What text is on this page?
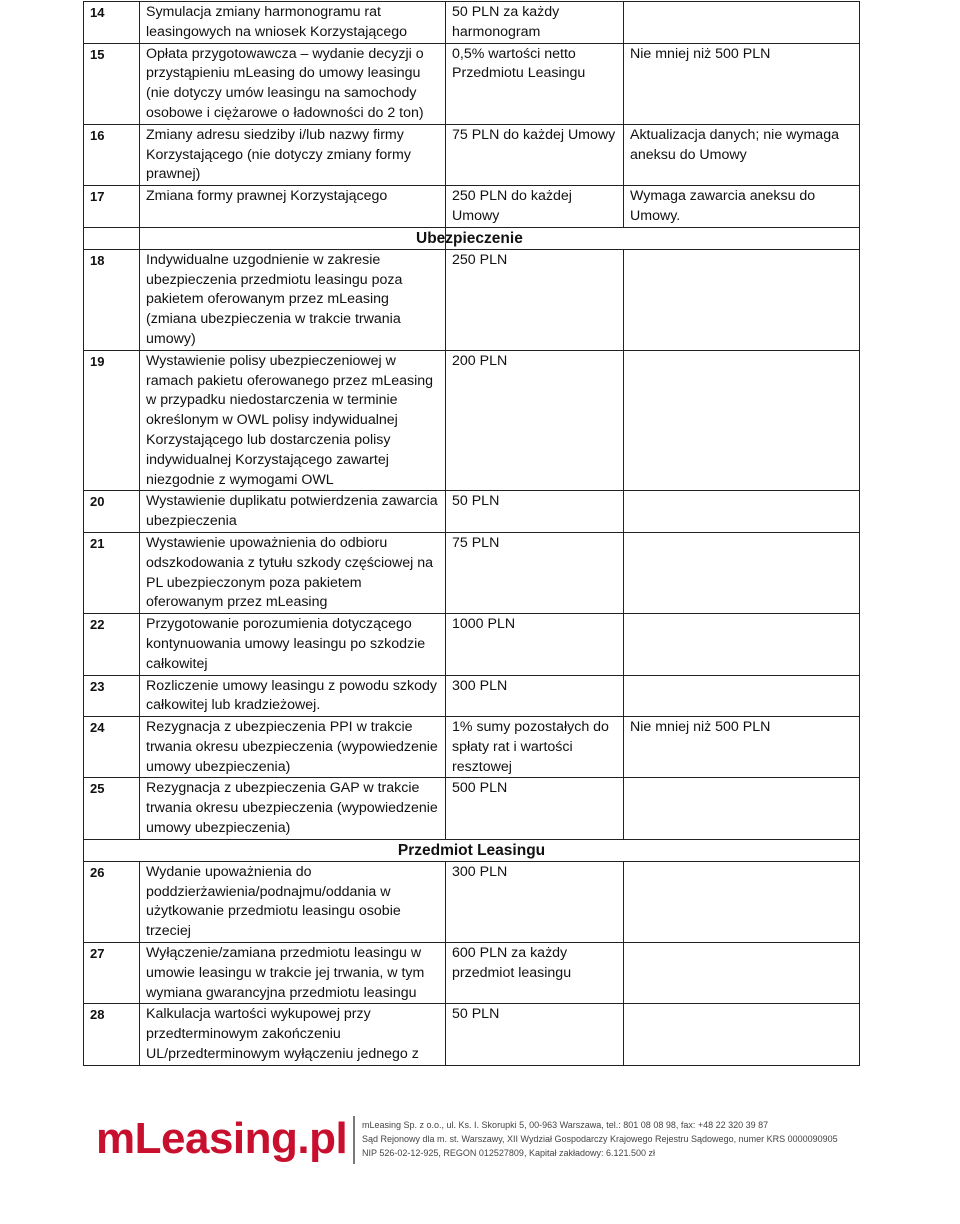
14	Symulacja zmiany harmonogramu rat leasingowych na wniosek Korzystającego	50 PLN za każdy harmonogram	
15	Opłata przygotowawcza – wydanie decyzji o przystąpieniu mLeasing do umowy leasingu (nie dotyczy umów leasingu na samochody osobowe i ciężarowe o ładowności do 2 ton)	0,5% wartości netto Przedmiotu Leasingu	Nie mniej niż 500 PLN
16	Zmiany adresu siedziby i/lub nazwy firmy Korzystającego (nie dotyczy zmiany formy prawnej)	75 PLN do każdej Umowy	Aktualizacja danych; nie wymaga aneksu do Umowy
17	Zmiana formy prawnej Korzystającego	250 PLN do każdej Umowy	Wymaga zawarcia aneksu do Umowy.
		Ubezpieczenie	
18	Indywidualne uzgodnienie w zakresie ubezpieczenia przedmiotu leasingu poza pakietem oferowanym przez mLeasing (zmiana ubezpieczenia w trakcie trwania umowy)	250 PLN	
19	Wystawienie polisy ubezpieczeniowej w ramach pakietu oferowanego przez mLeasing w przypadku niedostarczenia w terminie określonym w OWL polisy indywidualnej Korzystającego lub dostarczenia polisy indywidualnej Korzystającego zawartej niezgodnie z wymogami OWL	200 PLN	
20	Wystawienie duplikatu potwierdzenia zawarcia ubezpieczenia	50 PLN	
21	Wystawienie upoważnienia do odbioru odszkodowania z tytułu szkody częściowej na PL ubezpieczonym poza pakietem oferowanym przez mLeasing	75 PLN	
22	Przygotowanie porozumienia dotyczącego kontynuowania umowy leasingu po szkodzie całkowitej	1000 PLN	
23	Rozliczenie umowy leasingu z powodu szkody całkowitej lub kradzieżowej.	300 PLN	
24	Rezygnacja z ubezpieczenia PPI w trakcie trwania okresu ubezpieczenia (wypowiedzenie umowy ubezpieczenia)	1% sumy pozostałych do spłaty rat i wartości resztowej	Nie mniej niż 500 PLN
25	Rezygnacja z ubezpieczenia GAP w trakcie trwania okresu ubezpieczenia (wypowiedzenie umowy ubezpieczenia)	500 PLN	
Przedmiot Leasingu			
26	Wydanie upoważnienia do poddzierżawienia/podnajmu/oddania w użytkowanie przedmiotu leasingu osobie trzeciej	300 PLN	
27	Wyłączenie/zamiana przedmiotu leasingu w umowie leasingu w trakcie jej trwania, w tym wymiana gwarancyjna przedmiotu leasingu	600 PLN za każdy przedmiot leasingu	
28	Kalkulacja wartości wykupowej przy przedterminowym zakończeniu UL/przedterminowym wyłączeniu jednego z	50 PLN	
mLeasing.pl mLeasing Sp. z o.o., ul. Ks. I. Skorupki 5, 00-963 Warszawa, tel.: 801 08 08 98, fax: +48 22 320 39 87
Sąd Rejonowy dla m. st. Warszawy, XII Wydział Gospodarczy Krajowego Rejestru Sądowego, numer KRS 0000090905
NIP 526-02-12-925, REGON 012527809, Kapitał zakładowy: 6.121.500 zł
